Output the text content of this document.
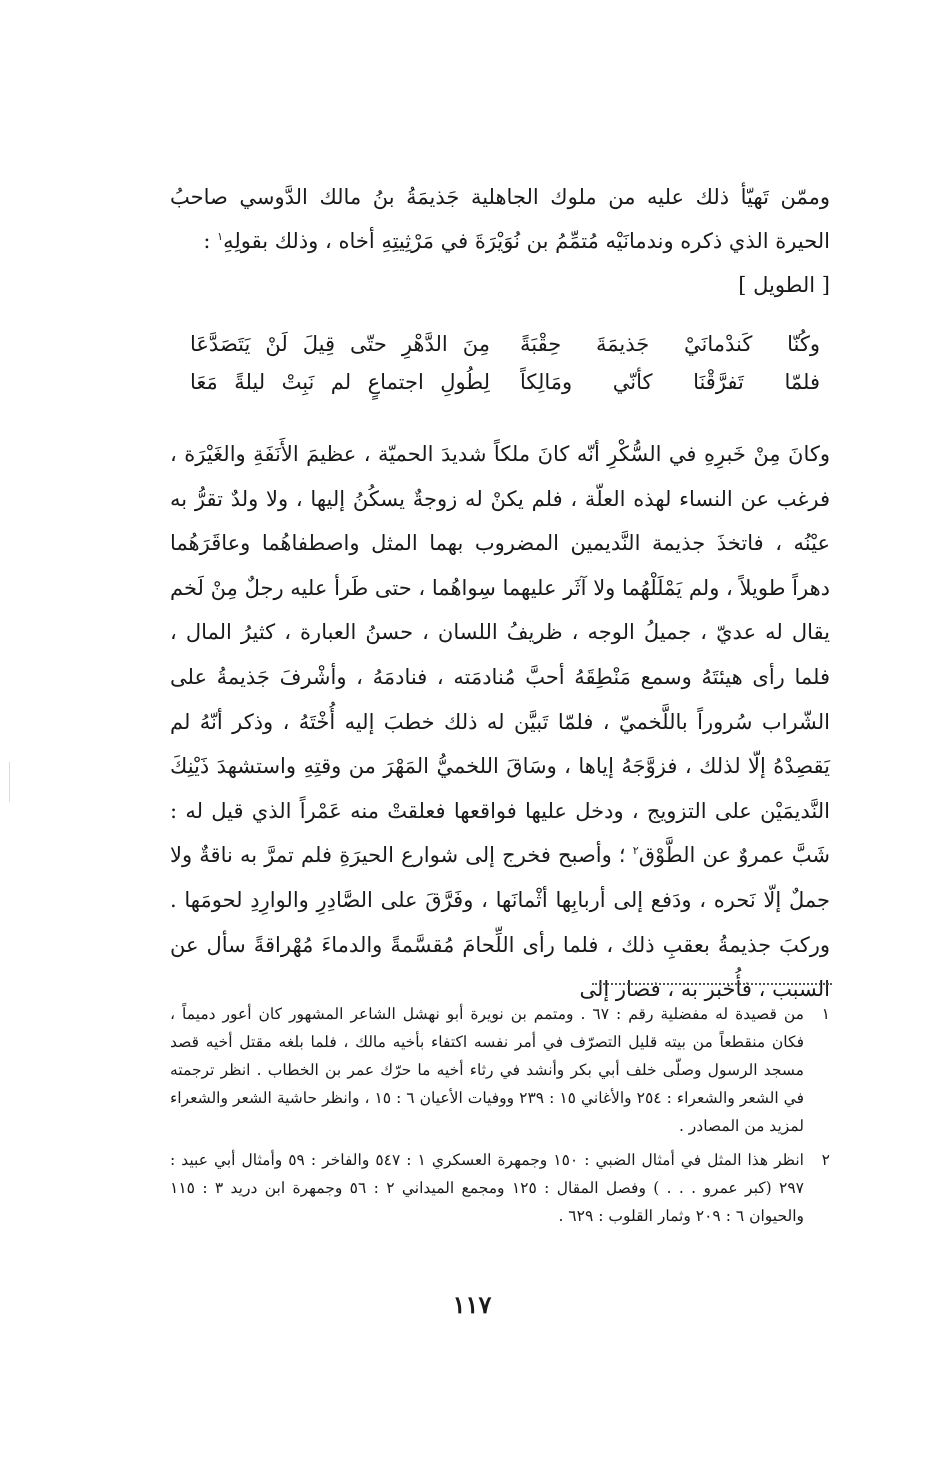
وممّن تَهيّأ ذلك عليه من ملوك الجاهلية جَذيمَةُ بنُ مالك الدَّوسي صاحبُ الحيرة الذي ذكره وندمانَيْه مُتمِّمُ بن نُوَيْرَةَ في مَرْثِيتِهِ أخاه ، وذلك بقولِهِ$^١$ :

[ الطويل ]

وكُنّا كَندْمانَيْ جَذيمَةَ حِقْبَةً
مِنَ الدَّهْرِ حتّى قِيلَ لَنْ يَتَصَدَّعَا
فلمّا تَفرَّقْنَا كأنّي ومَالِكاً
لِطُولِ اجتماعٍ لم نَبِتْ ليلةً مَعَا

وكانَ مِنْ خَبرِهِ في السُّكْرِ أنّه كانَ ملكاً شديدَ الحميّة ، عظيمَ الأَنَفَةِ والغَيْرَة ، فرغب عن النساء لهذه العلّة ، فلم يكنْ له زوجةٌ يسكُنُ إليها ، ولا ولدٌ تقرُّ به عيْنُه ، فاتخذَ جذيمة النَّديمين المضروب بهما المثل واصطفاهُما وعاقَرَهُما دهراً طويلاً ، ولم يَمْلَلْهُما ولا آثَر عليهما سِواهُما ، حتى طَرأ عليه رجلٌ مِنْ لَخم يقال له عديّ ، جميلُ الوجه ، ظريفُ اللسان ، حسنُ العبارة ، كثيرُ المال ، فلما رأى هيئتَهُ وسمع مَنْطِقَهُ أحبَّ مُنادمَته ، فنادمَهُ ، وأشْرفَ جَذيمةُ على الشّراب سُروراً باللَّخميّ ، فلمّا تَبيَّن له ذلك خطبَ إليه أُخْتَهُ ، وذكر أنّهُ لم يَقصِدْهُ إلّا لذلك ، فزوَّجَهُ إياها ، وسَاقَ اللخميُّ المَهْرَ من وقتِهِ واستشهدَ ذَيْنِكَ النَّديمَيْن على التزويج ، ودخل عليها فواقعها فعلقتْ منه عَمْراً الذي قيل له : شَبَّ عمروٌ عن الطَّوْق$^٢$ ؛ وأصبح فخرج إلى شوارع الحيرَةِ فلم تمرَّ به ناقةٌ ولا جملٌ إلّا نَحره ، ودَفع إلى أربابِها أثْمانَها ، وفَرَّقَ على الصَّادِرِ والوارِدِ لحومَها . وركبَ جذيمةُ بعقبِ ذلك ، فلما رأى اللِّحامَ مُقسَّمةً والدماءَ مُهْراقةً سأل عن السبب ، فأُخبر به ، فصار إلى

١
من قصيدة له مفضلية رقم : ٦٧ . ومتمم بن نويرة أبو نهشل الشاعر المشهور كان أعور دميماً ، فكان منقطعاً من بيته قليل التصرّف في أمر نفسه اكتفاء بأخيه مالك ، فلما بلغه مقتل أخيه قصد مسجد الرسول وصلّى خلف أبي بكر وأنشد في رثاء أخيه ما حرّك عمر بن الخطاب . انظر ترجمته في الشعر والشعراء : ٢٥٤ والأغاني ١٥ : ٢٣٩ ووفيات الأعيان ٦ : ١٥ ، وانظر حاشية الشعر والشعراء لمزيد من المصادر .
٢
انظر هذا المثل في أمثال الضبي : ١٥٠ وجمهرة العسكري ١ : ٥٤٧ والفاخر : ٥٩ وأمثال أبي عبيد : ٢٩٧ (كبر عمرو . . . ) وفصل المقال : ١٢٥ ومجمع الميداني ٢ : ٥٦ وجمهرة ابن دريد ٣ : ١١٥ والحيوان ٦ : ٢٠٩ وثمار القلوب : ٦٢٩ .
١١٧
